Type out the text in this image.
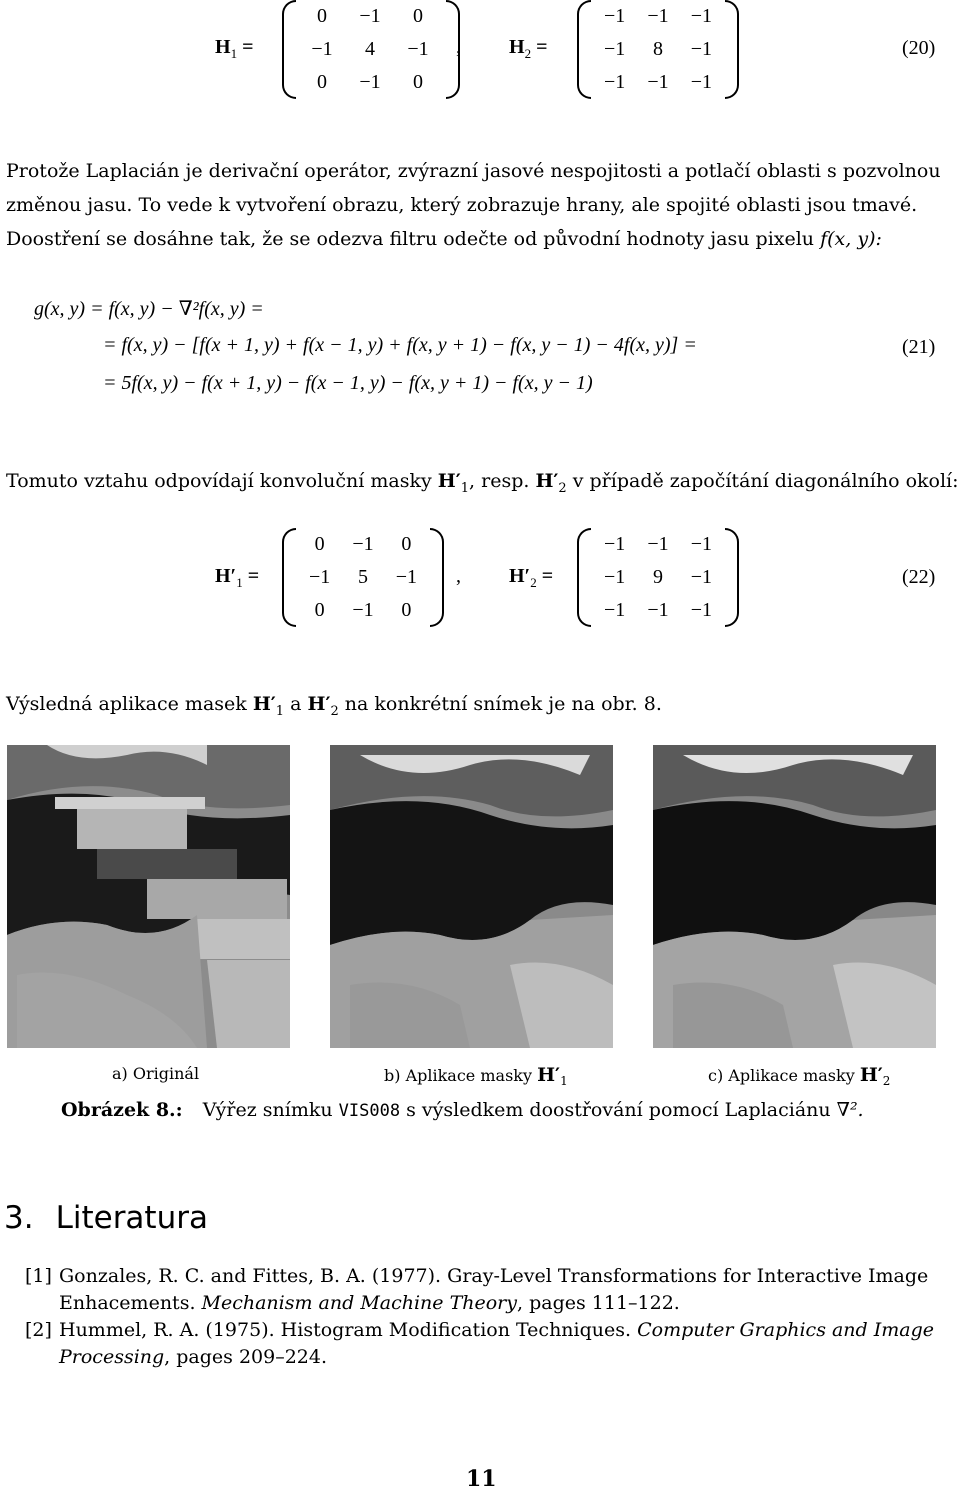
$H_1$ =
0	−1	0
−1	4	−1
0	−1	0
, $H_2$ =
−1	−1	−1
−1	8	−1
−1	−1	−1
(20)
Protože Laplacián je derivační operátor, zvýrazní jasové nespojitosti a potlačí oblasti s pozvolnou
změnou jasu. To vede k vytvoření obrazu, který zobrazuje hrany, ale spojité oblasti jsou tmavé.
Doostření se dosáhne tak, že se odezva filtru odečte od původní hodnoty jasu pixelu f(x, y):
g(x, y) = f(x, y) − ∇²f(x, y) =
= f(x, y) − [f(x + 1, y) + f(x − 1, y) + f(x, y + 1) − f(x, y − 1) − 4f(x, y)] =
= 5f(x, y) − f(x + 1, y) − f(x − 1, y) − f(x, y + 1) − f(x, y − 1)
(21)
Tomuto vztahu odpovídají konvoluční masky $H'_1$, resp. $H'_2$ v případě započítání diagonálního okolí:
$H'_1$ =
0	−1	0
−1	5	−1
0	−1	0
, $H'_2$ =
−1	−1	−1
−1	9	−1
−1	−1	−1
(22)
Výsledná aplikace masek $H'_1$ a $H'_2$ na konkrétní snímek je na obr. 8.
a) Originál	b) Aplikace masky $H'_1$	c) Aplikace masky $H'_2$
Obrázek 8.: Výřez snímku VIS008 s výsledkem doostřování pomocí Laplaciánu ∇².
3. Literatura
[1] Gonzales, R. C. and Fittes, B. A. (1977). Gray-Level Transformations for Interactive Image
Enhacements. Mechanism and Machine Theory, pages 111–122.
[2] Hummel, R. A. (1975). Histogram Modification Techniques. Computer Graphics and Image
Processing, pages 209–224.
11
